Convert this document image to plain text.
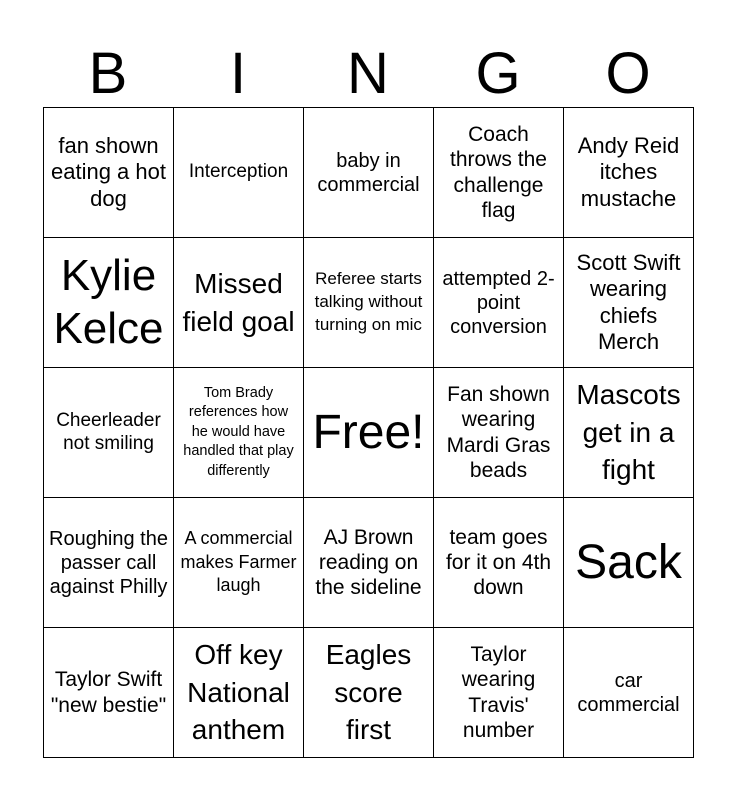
B	I	N	G	O
fan shown eating a hot dog	Interception	baby in commercial	Coach throws the challenge flag	Andy Reid itches mustache
Kylie Kelce	Missed field goal	Referee starts talking without turning on mic	attempted 2-point conversion	Scott Swift wearing chiefs Merch
Cheerleader not smiling	Tom Brady references how he would have handled that play differently	Free!	Fan shown wearing Mardi Gras beads	Mascots get in a fight
Roughing the passer call against Philly	A commercial makes Farmer laugh	AJ Brown reading on the sideline	team goes for it on 4th down	Sack
Taylor Swift "new bestie"	Off key National anthem	Eagles score first	Taylor wearing Travis' number	car commercial
